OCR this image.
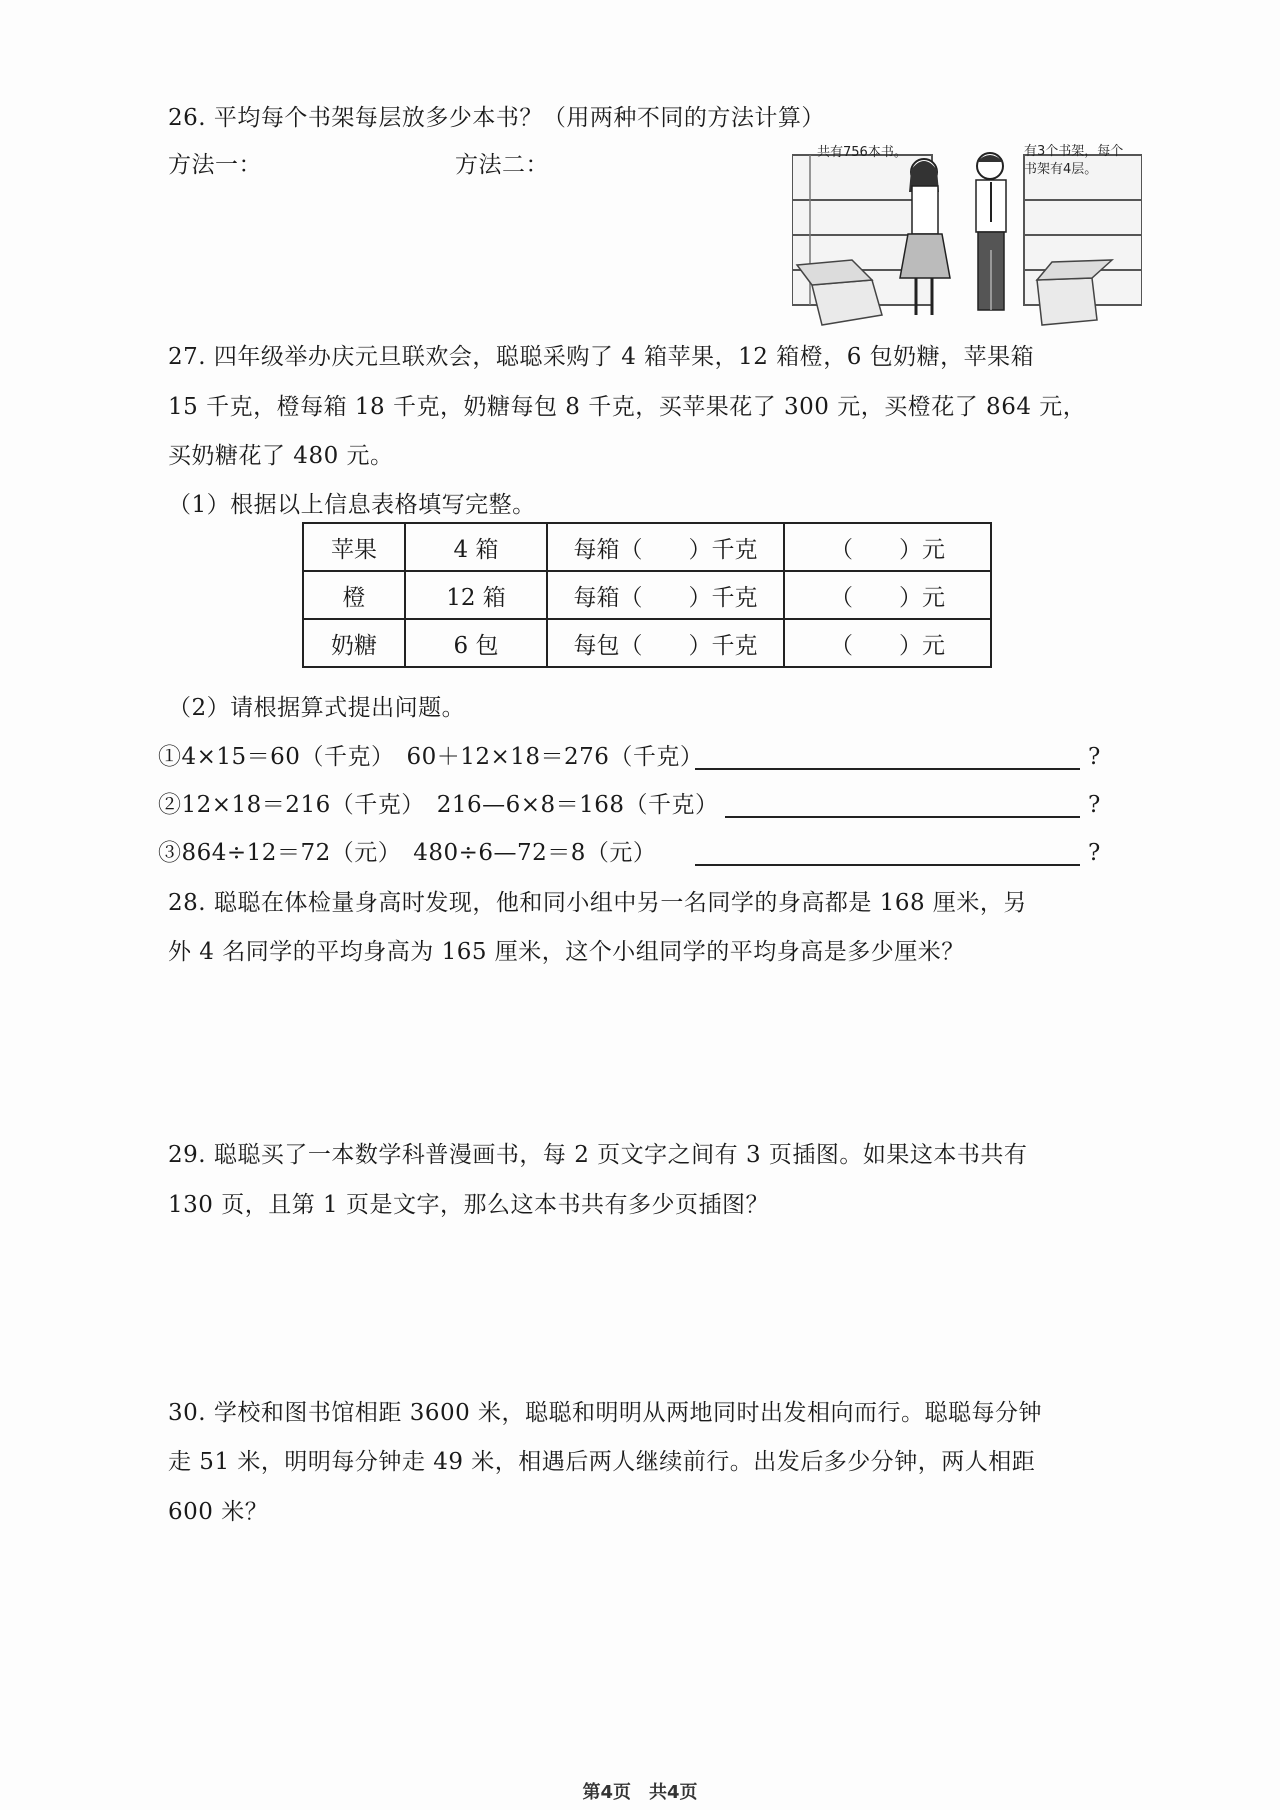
26. 平均每个书架每层放多少本书？（用两种不同的方法计算）
方法一：	方法二：	共有756本书。	有3个书架，每个
书架有4层。
27. 四年级举办庆元旦联欢会，聪聪采购了 4 箱苹果，12 箱橙，6 包奶糖，苹果箱
15 千克，橙每箱 18 千克，奶糖每包 8 千克，买苹果花了 300 元，买橙花了 864 元，
买奶糖花了 480 元。
（1）根据以上信息表格填写完整。
苹果	4 箱	每箱（　　）千克	（　　）元
橙	12 箱	每箱（　　）千克	（　　）元
奶糖	6 包	每包（　　）千克	（　　）元
（2）请根据算式提出问题。
①4×15＝60（千克）　60＋12×18＝276（千克）	?
②12×18＝216（千克）　216—6×8＝168（千克）	?
③864÷12＝72（元）　480÷6—72＝8（元）	?
28. 聪聪在体检量身高时发现，他和同小组中另一名同学的身高都是 168 厘米，另
外 4 名同学的平均身高为 165 厘米，这个小组同学的平均身高是多少厘米？
29. 聪聪买了一本数学科普漫画书，每 2 页文字之间有 3 页插图。如果这本书共有
130 页，且第 1 页是文字，那么这本书共有多少页插图？
30. 学校和图书馆相距 3600 米，聪聪和明明从两地同时出发相向而行。聪聪每分钟
走 51 米，明明每分钟走 49 米，相遇后两人继续前行。出发后多少分钟，两人相距
600 米？
第4页　共4页
